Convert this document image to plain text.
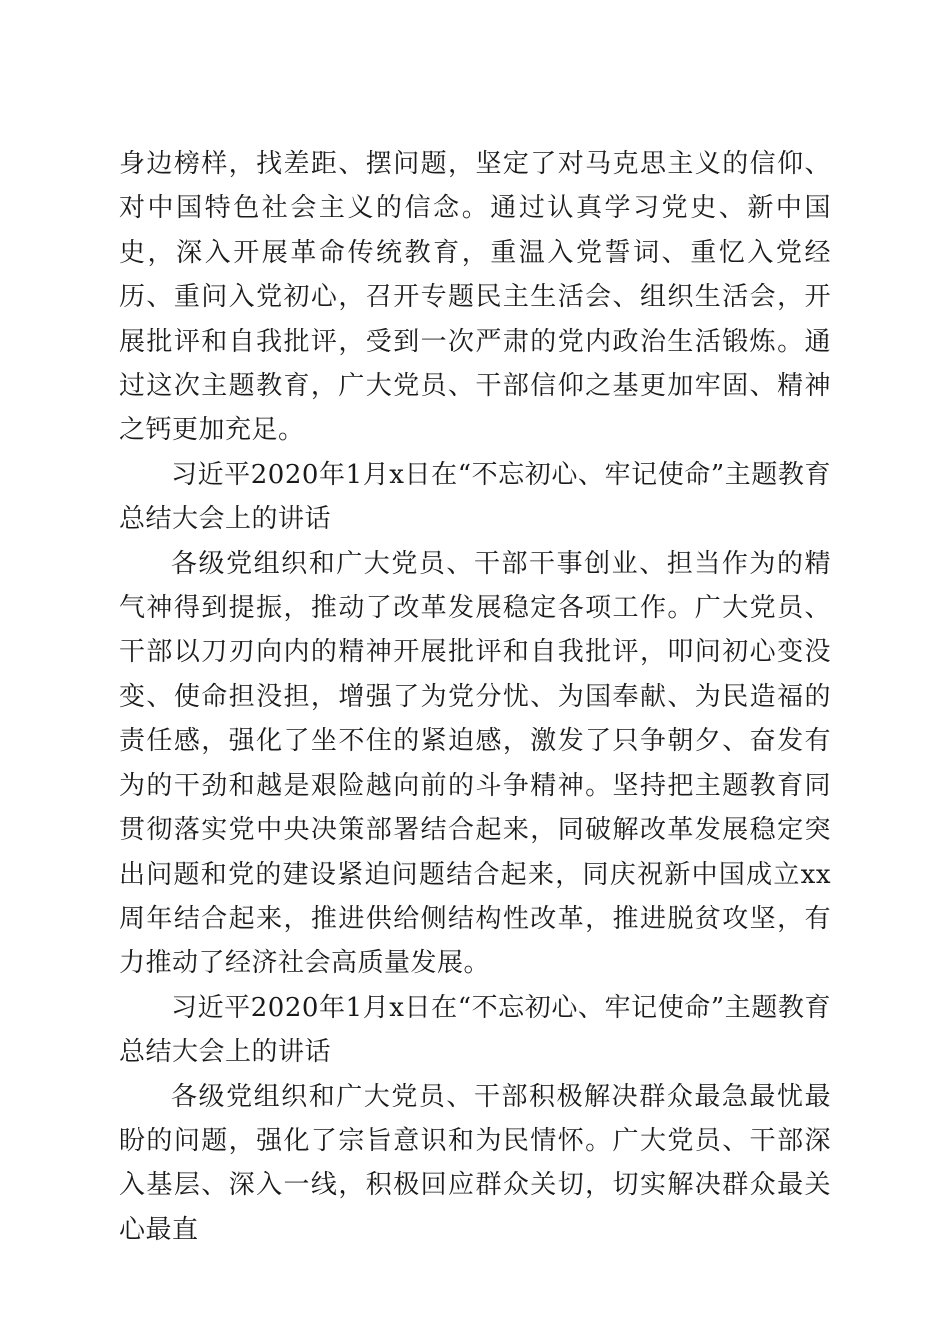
身边榜样，找差距、摆问题，坚定了对马克思主义的信仰、对中国特色社会主义的信念。通过认真学习党史、新中国史，深入开展革命传统教育，重温入党誓词、重忆入党经历、重问入党初心，召开专题民主生活会、组织生活会，开展批评和自我批评，受到一次严肃的党内政治生活锻炼。通过这次主题教育，广大党员、干部信仰之基更加牢固、精神之钙更加充足。

习近平2020年1月x日在“不忘初心、牢记使命”主题教育总结大会上的讲话

各级党组织和广大党员、干部干事创业、担当作为的精气神得到提振，推动了改革发展稳定各项工作。广大党员、干部以刀刃向内的精神开展批评和自我批评，叩问初心变没变、使命担没担，增强了为党分忧、为国奉献、为民造福的责任感，强化了坐不住的紧迫感，激发了只争朝夕、奋发有为的干劲和越是艰险越向前的斗争精神。坚持把主题教育同贯彻落实党中央决策部署结合起来，同破解改革发展稳定突出问题和党的建设紧迫问题结合起来，同庆祝新中国成立xx周年结合起来，推进供给侧结构性改革，推进脱贫攻坚，有力推动了经济社会高质量发展。

习近平2020年1月x日在“不忘初心、牢记使命”主题教育总结大会上的讲话

各级党组织和广大党员、干部积极解决群众最急最忧最盼的问题，强化了宗旨意识和为民情怀。广大党员、干部深入基层、深入一线，积极回应群众关切，切实解决群众最关心最直
